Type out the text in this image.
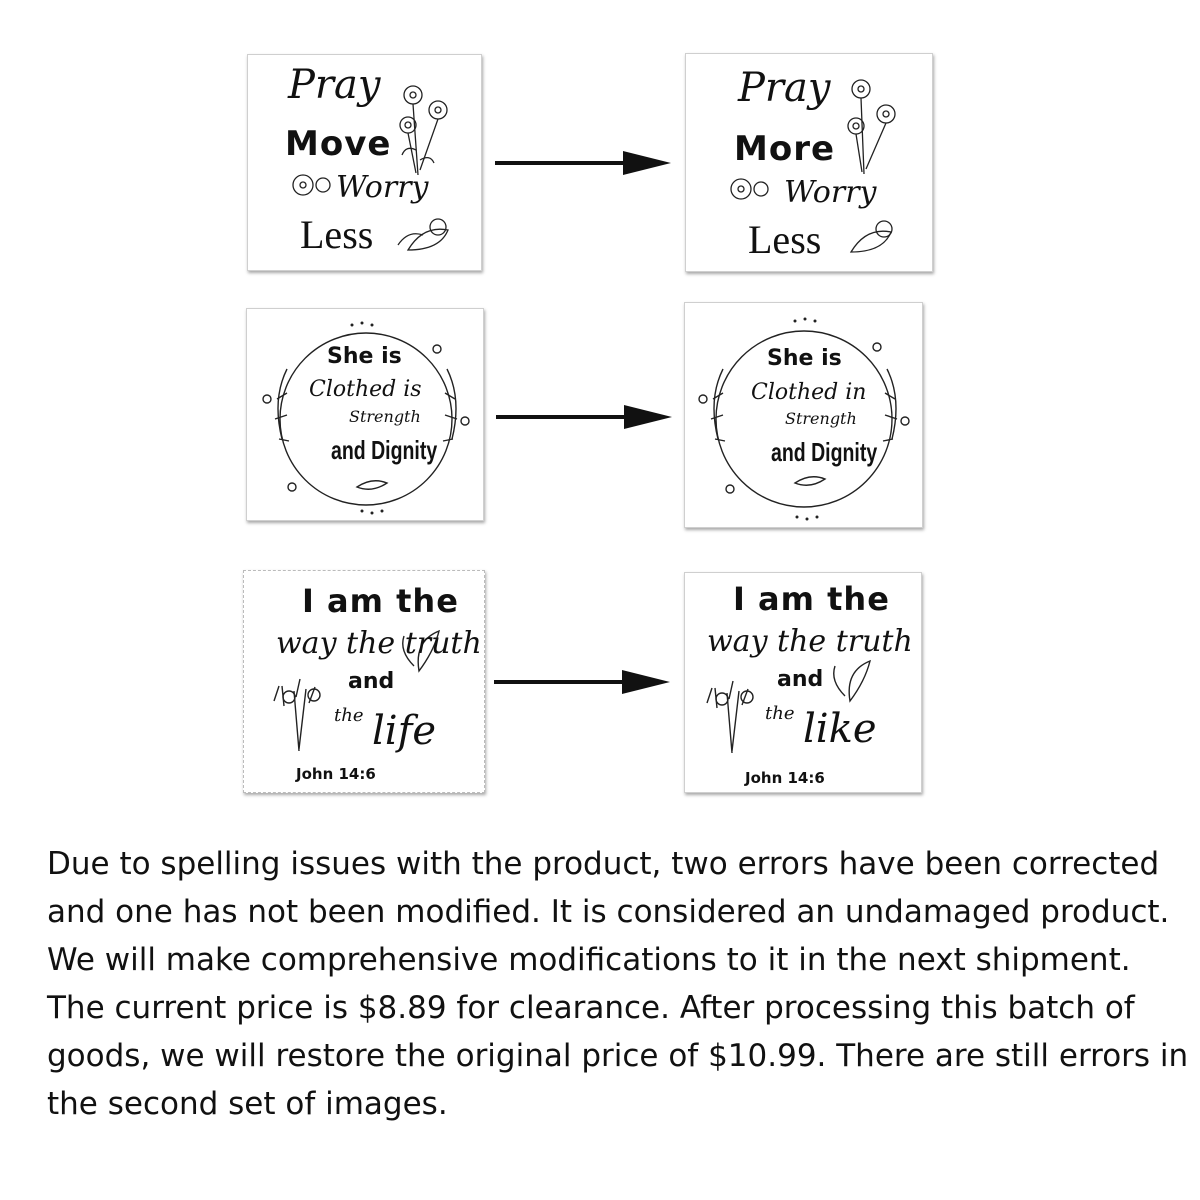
Pray
Move
Worry
Less
Pray
More
Worry
Less
She is
Clothed is
Strength
and Dignity
She is
Clothed in
Strength
and Dignity
I am the
way the truth
and
the life
John 14:6
I am the
way the truth
and
the like
John 14:6
Due to spelling issues with the product, two errors have been corrected
and one has not been modified. It is considered an undamaged product.
We will make comprehensive modifications to it in the next shipment.
The current price is $8.89 for clearance. After processing this batch of
goods, we will restore the original price of $10.99. There are still errors in
the second set of images.
